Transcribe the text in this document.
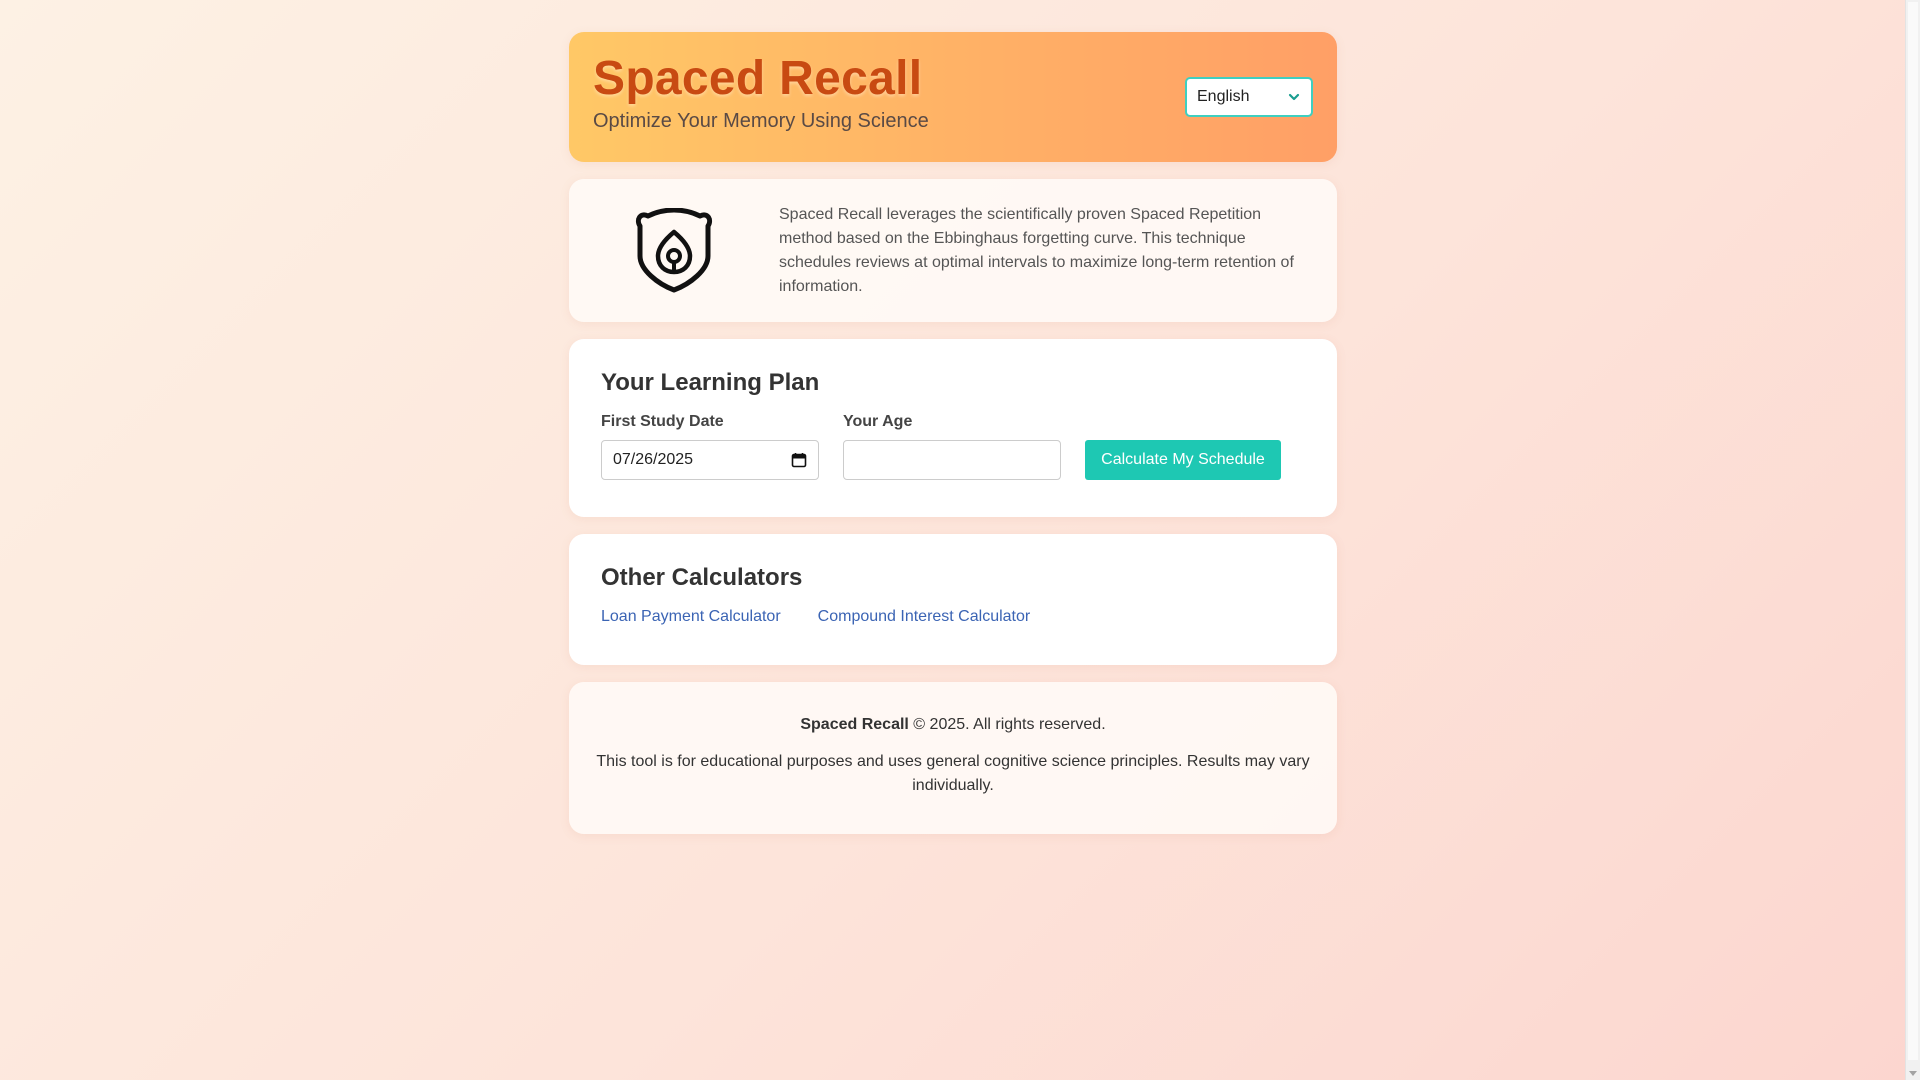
Spaced Recall

Optimize Your Memory Using Science

English

Spaced Recall leverages the scientifically proven Spaced Repetition method based on the Ebbinghaus forgetting curve. This technique schedules reviews at optimal intervals to maximize long-term retention of information.

Your Learning Plan
First Study Date
07/26/2025
Your Age
Calculate My Schedule
Other Calculators
Loan Payment Calculator Compound Interest Calculator

Spaced Recall © 2025. All rights reserved.

This tool is for educational purposes and uses general cognitive science principles. Results may vary individually.
